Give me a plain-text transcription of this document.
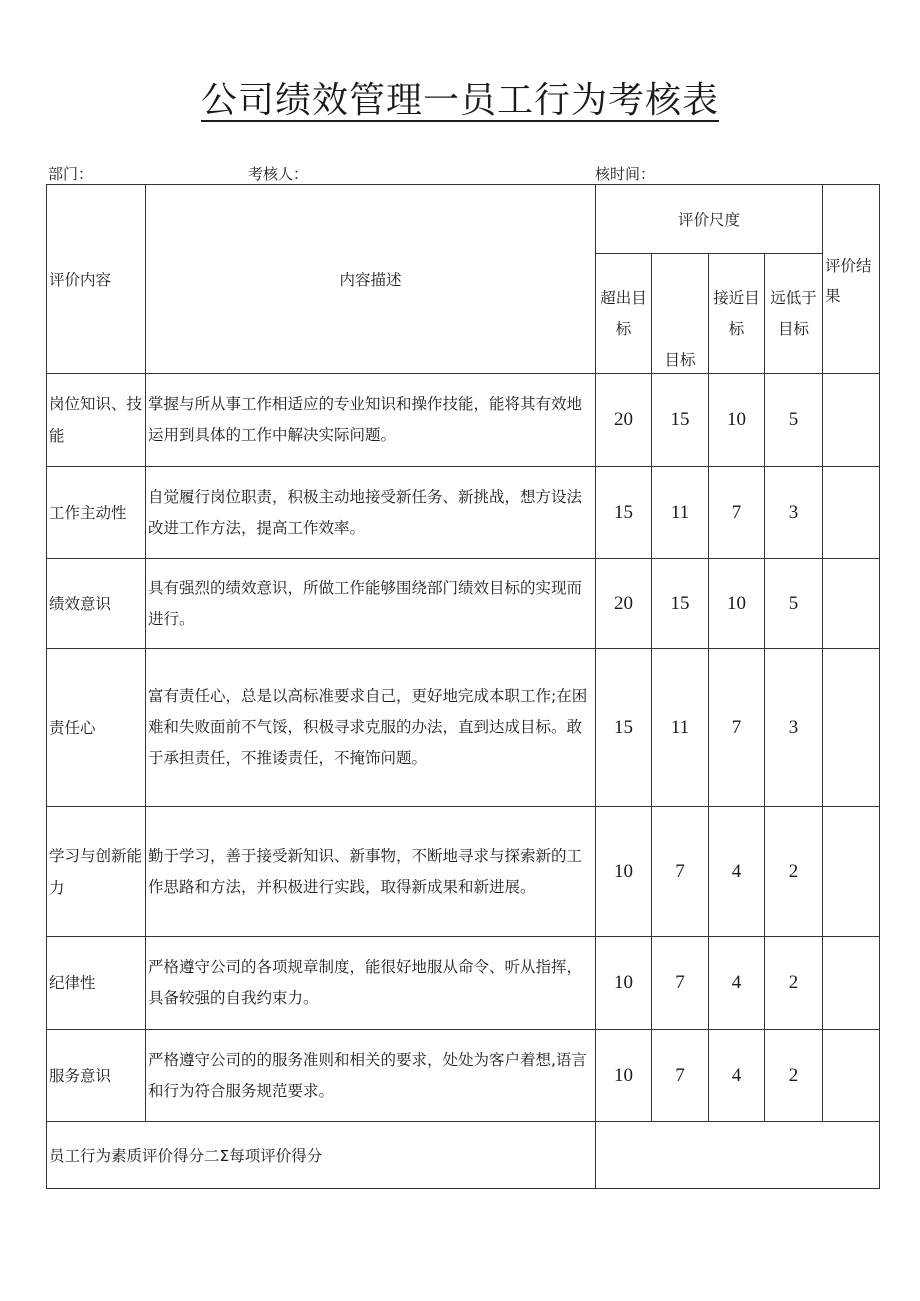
公司绩效管理一员工行为考核表
部门：	考核人：	核时间：
评价内容	内容描述	评价尺度				评价结果
		超出目标	目标	接近目标	远低于目标	
岗位知识、技能	掌握与所从事工作相适应的专业知识和操作技能，能将其有效地运用到具体的工作中解决实际问题。	20	15	10	5	
工作主动性	自觉履行岗位职责，积极主动地接受新任务、新挑战，想方设法改进工作方法，提高工作效率。	15	11	7	3	
绩效意识	具有强烈的绩效意识，所做工作能够围绕部门绩效目标的实现而进行。	20	15	10	5	
责任心	富有责任心，总是以高标准要求自己，更好地完成本职工作;在困难和失败面前不气馁，积极寻求克服的办法，直到达成目标。敢于承担责任，不推诿责任，不掩饰问题。	15	11	7	3	
学习与创新能力	勤于学习，善于接受新知识、新事物，不断地寻求与探索新的工作思路和方法，并积极进行实践，取得新成果和新进展。	10	7	4	2	
纪律性	严格遵守公司的各项规章制度，能很好地服从命令、听从指挥，具备较强的自我约束力。	10	7	4	2	
服务意识	严格遵守公司的的服务准则和相关的要求，处处为客户着想,语言和行为符合服务规范要求。	10	7	4	2	
员工行为素质评价得分二Σ每项评价得分						
